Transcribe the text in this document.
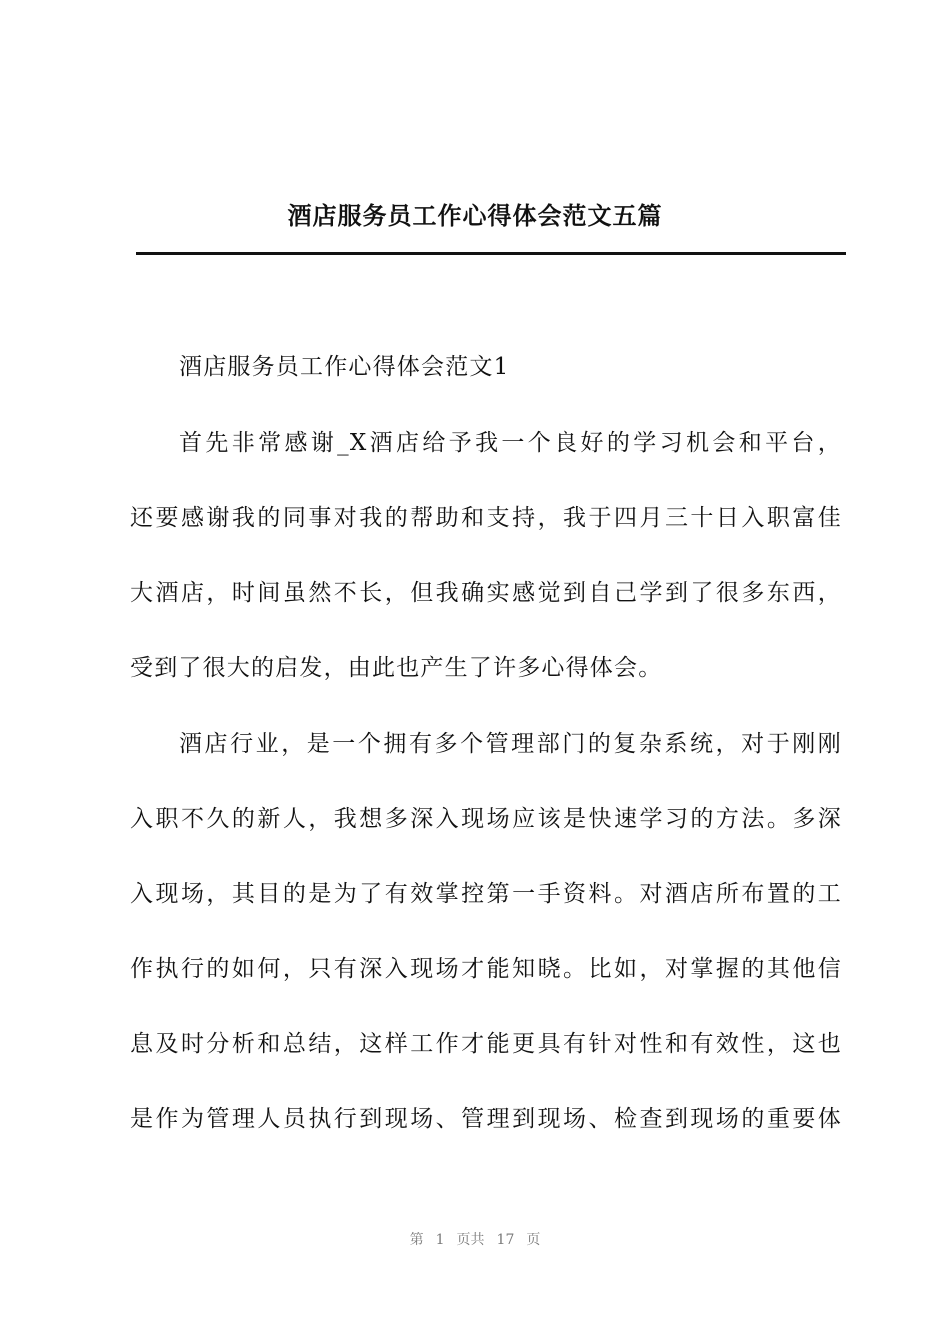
酒店服务员工作心得体会范文五篇
酒店服务员工作心得体会范文1
首先非常感谢_X酒店给予我一个良好的学习机会和平台，
还要感谢我的同事对我的帮助和支持，我于四月三十日入职富佳
大酒店，时间虽然不长，但我确实感觉到自己学到了很多东西，
受到了很大的启发，由此也产生了许多心得体会。
酒店行业，是一个拥有多个管理部门的复杂系统，对于刚刚
入职不久的新人，我想多深入现场应该是快速学习的方法。多深
入现场，其目的是为了有效掌控第一手资料。对酒店所布置的工
作执行的如何，只有深入现场才能知晓。比如，对掌握的其他信
息及时分析和总结，这样工作才能更具有针对性和有效性，这也
是作为管理人员执行到现场、管理到现场、检查到现场的重要体
第 1 页共 17 页
